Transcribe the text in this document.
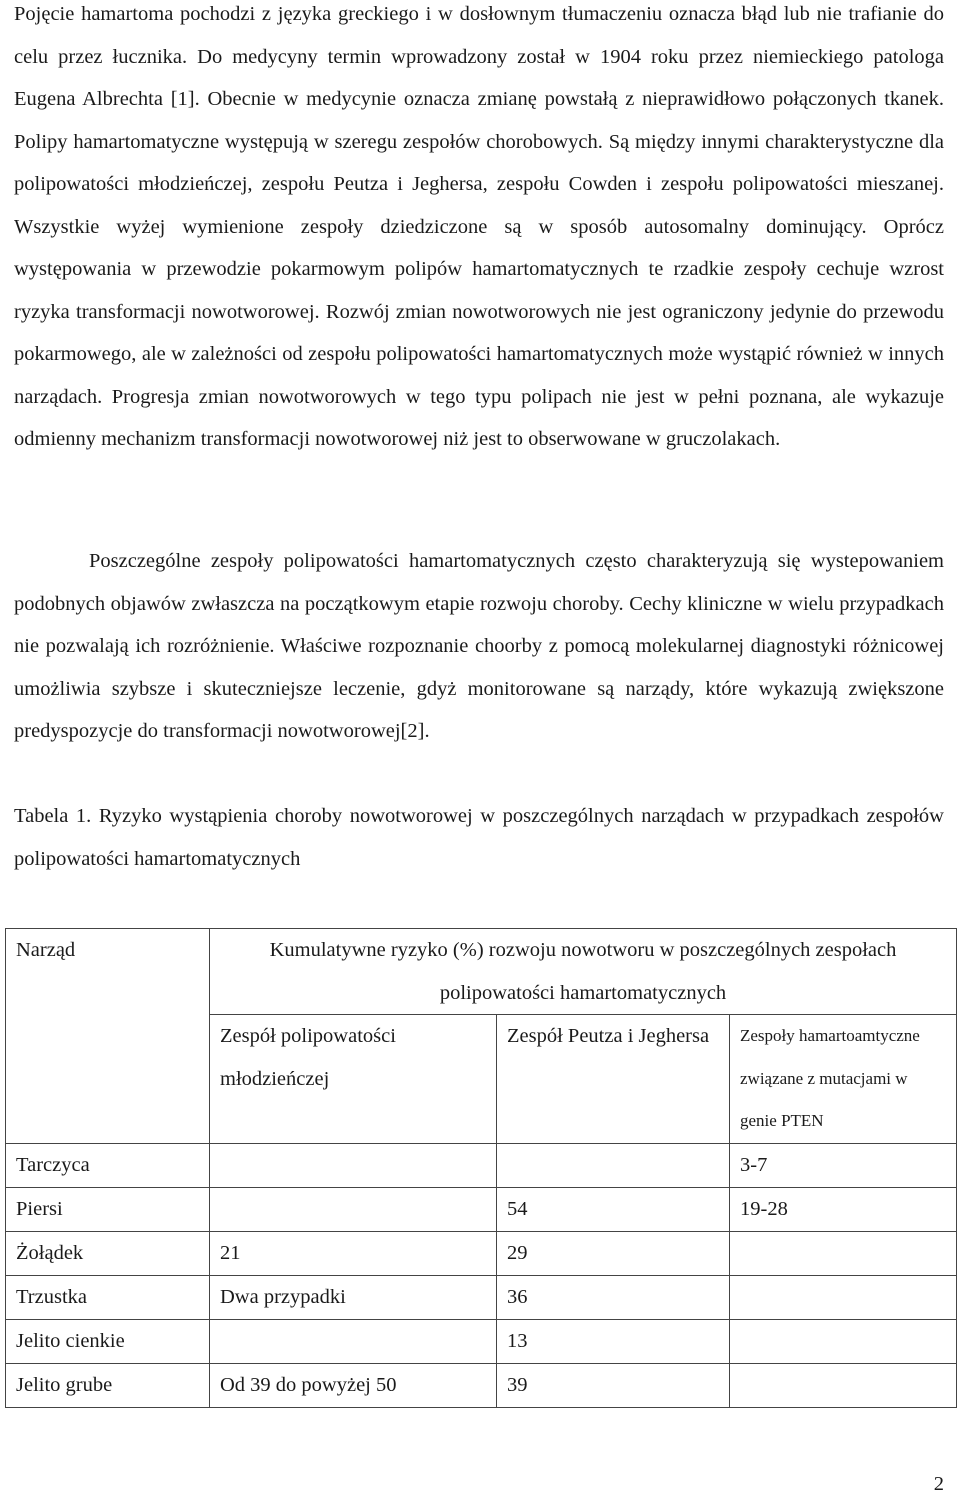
Pojęcie hamartoma pochodzi z języka greckiego i w dosłownym tłumaczeniu oznacza błąd lub nie trafianie do celu przez łucznika. Do medycyny termin wprowadzony został w 1904 roku przez niemieckiego patologa Eugena Albrechta [1]. Obecnie w medycynie oznacza zmianę powstałą z nieprawidłowo połączonych tkanek. Polipy hamartomatyczne występują w szeregu zespołów chorobowych. Są między innymi charakterystyczne dla polipowatości młodzieńczej, zespołu Peutza i Jeghersa, zespołu Cowden i zespołu polipowatości mieszanej. Wszystkie wyżej wymienione zespoły dziedziczone są w sposób autosomalny dominujący. Oprócz występowania w przewodzie pokarmowym polipów hamartomatycznych te rzadkie zespoły cechuje wzrost ryzyka transformacji nowotworowej. Rozwój zmian nowotworowych nie jest ograniczony jedynie do przewodu pokarmowego, ale w zależności od zespołu polipowatości hamartomatycznych może wystąpić również w innych narządach. Progresja zmian nowotworowych w tego typu polipach nie jest w pełni poznana, ale wykazuje odmienny mechanizm transformacji nowotworowej niż jest to obserwowane w gruczolakach.

Poszczególne zespoły polipowatości hamartomatycznych często charakteryzują się wystepowaniem podobnych objawów zwłaszcza na początkowym etapie rozwoju choroby. Cechy kliniczne w wielu przypadkach nie pozwalają ich rozróżnienie. Właściwe rozpoznanie choorby z pomocą molekularnej diagnostyki różnicowej umożliwia szybsze i skuteczniejsze leczenie, gdyż monitorowane są narządy, które wykazują zwiększone predyspozycje do transformacji nowotworowej[2].

Tabela 1. Ryzyko wystąpienia choroby nowotworowej w poszczególnych narządach w przypadkach zespołów polipowatości hamartomatycznych

Narząd	Kumulatywne ryzyko (%) rozwoju nowotworu w poszczególnych zespołach polipowatości hamartomatycznych		
	Zespół polipowatości młodzieńczej	Zespół Peutza i Jeghersa	Zespoły hamartoamtyczne związane z mutacjami w genie PTEN
Tarczyca			3-7
Piersi		54	19-28
Żołądek	21	29	
Trzustka	Dwa przypadki	36	
Jelito cienkie		13	
Jelito grube	Od 39 do powyżej 50	39	
2
